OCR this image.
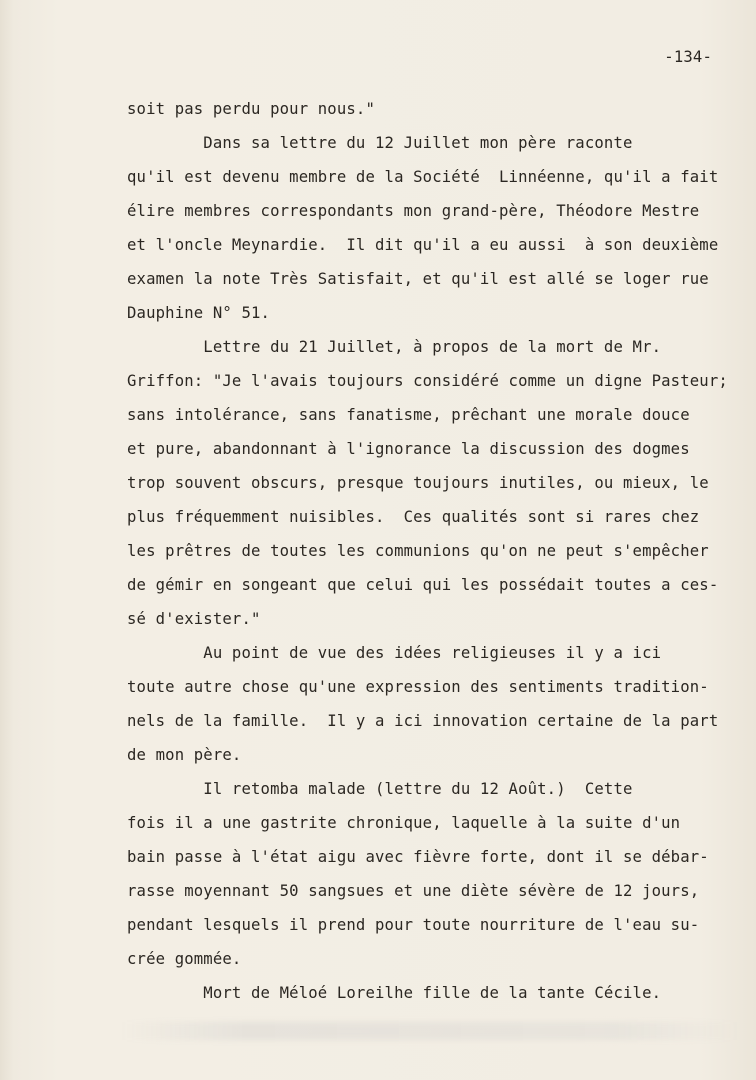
-134-
soit pas perdu pour nous."
Dans sa lettre du 12 Juillet mon père raconte
qu'il est devenu membre de la Société  Linnéenne, qu'il a fait
élire membres correspondants mon grand-père, Théodore Mestre
et l'oncle Meynardie.  Il dit qu'il a eu aussi  à son deuxième
examen la note Très Satisfait, et qu'il est allé se loger rue
Dauphine N° 51.
Lettre du 21 Juillet, à propos de la mort de Mr.
Griffon: "Je l'avais toujours considéré comme un digne Pasteur;
sans intolérance, sans fanatisme, prêchant une morale douce
et pure, abandonnant à l'ignorance la discussion des dogmes
trop souvent obscurs, presque toujours inutiles, ou mieux, le
plus fréquemment nuisibles.  Ces qualités sont si rares chez
les prêtres de toutes les communions qu'on ne peut s'empêcher
de gémir en songeant que celui qui les possédait toutes a ces-
sé d'exister."
Au point de vue des idées religieuses il y a ici
toute autre chose qu'une expression des sentiments tradition-
nels de la famille.  Il y a ici innovation certaine de la part
de mon père.
Il retomba malade (lettre du 12 Août.)  Cette
fois il a une gastrite chronique, laquelle à la suite d'un
bain passe à l'état aigu avec fièvre forte, dont il se débar-
rasse moyennant 50 sangsues et une diète sévère de 12 jours,
pendant lesquels il prend pour toute nourriture de l'eau su-
crée gommée.
Mort de Méloé Loreilhe fille de la tante Cécile.
